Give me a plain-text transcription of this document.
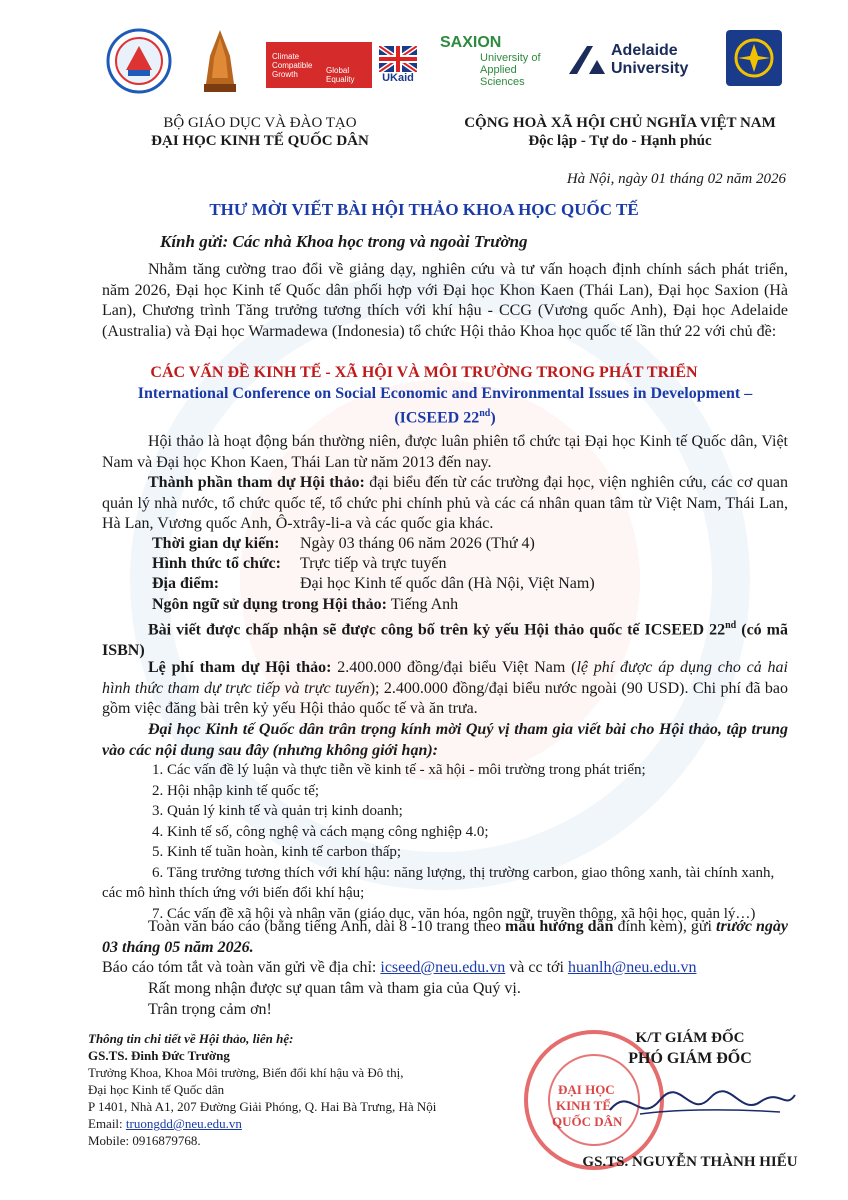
Climate
Compatible
Growth	Global Equality	UKaid
SAXION
University of Applied Sciences
Adelaide University
BỘ GIÁO DỤC VÀ ĐÀO TẠO
ĐẠI HỌC KINH TẾ QUỐC DÂN
CỘNG HOÀ XÃ HỘI CHỦ NGHĨA VIỆT NAM
Độc lập - Tự do - Hạnh phúc
Hà Nội, ngày 01 tháng 02 năm 2026
THƯ MỜI VIẾT BÀI HỘI THẢO KHOA HỌC QUỐC TẾ
Kính gửi: Các nhà Khoa học trong và ngoài Trường
Nhằm tăng cường trao đổi về giảng dạy, nghiên cứu và tư vấn hoạch định chính sách phát triển, năm 2026, Đại học Kinh tế Quốc dân phối hợp với Đại học Khon Kaen (Thái Lan), Đại học Saxion (Hà Lan), Chương trình Tăng trưởng tương thích với khí hậu - CCG (Vương quốc Anh), Đại học Adelaide (Australia) và Đại học Warmadewa (Indonesia) tổ chức Hội thảo Khoa học quốc tế lần thứ 22 với chủ đề:
CÁC VẤN ĐỀ KINH TẾ - XÃ HỘI VÀ MÔI TRƯỜNG TRONG PHÁT TRIỂN
International Conference on Social Economic and Environmental Issues in Development –
(ICSEED 22nd)
Hội thảo là hoạt động bán thường niên, được luân phiên tổ chức tại Đại học Kinh tế Quốc dân, Việt Nam và Đại học Khon Kaen, Thái Lan từ năm 2013 đến nay.
Thành phần tham dự Hội thảo: đại biểu đến từ các trường đại học, viện nghiên cứu, các cơ quan quản lý nhà nước, tổ chức quốc tế, tổ chức phi chính phủ và các cá nhân quan tâm từ Việt Nam, Thái Lan, Hà Lan, Vương quốc Anh, Ô-xtrây-li-a và các quốc gia khác.
Thời gian dự kiến: Ngày 03 tháng 06 năm 2026 (Thứ 4)
Hình thức tổ chức: Trực tiếp và trực tuyến
Địa điểm:	Đại học Kinh tế quốc dân (Hà Nội, Việt Nam)
Ngôn ngữ sử dụng trong Hội thảo: Tiếng Anh
Bài viết được chấp nhận sẽ được công bố trên kỷ yếu Hội thảo quốc tế ICSEED 22nd (có mã ISBN)
Lệ phí tham dự Hội thảo: 2.400.000 đồng/đại biểu Việt Nam (lệ phí được áp dụng cho cả hai hình thức tham dự trực tiếp và trực tuyến); 2.400.000 đồng/đại biểu nước ngoài (90 USD). Chi phí đã bao gồm việc đăng bài trên kỷ yếu Hội thảo quốc tế và ăn trưa.
Đại học Kinh tế Quốc dân trân trọng kính mời Quý vị tham gia viết bài cho Hội thảo, tập trung vào các nội dung sau đây (nhưng không giới hạn):
1. Các vấn đề lý luận và thực tiễn về kinh tế - xã hội - môi trường trong phát triển;
2. Hội nhập kinh tế quốc tế;
3. Quản lý kinh tế và quản trị kinh doanh;
4. Kinh tế số, công nghệ và cách mạng công nghiệp 4.0;
5. Kinh tế tuần hoàn, kinh tế carbon thấp;
6. Tăng trưởng tương thích với khí hậu: năng lượng, thị trường carbon, giao thông xanh, tài chính xanh, các mô hình thích ứng với biến đổi khí hậu;
7. Các vấn đề xã hội và nhân văn (giáo dục, văn hóa, ngôn ngữ, truyền thông, xã hội học, quản lý…)
Toàn văn báo cáo (bằng tiếng Anh, dài 8 -10 trang theo mẫu hướng dẫn đính kèm), gửi trước ngày 03 tháng 05 năm 2026.
Báo cáo tóm tắt và toàn văn gửi về địa chỉ: icseed@neu.edu.vn và cc tới huanlh@neu.edu.vn
Rất mong nhận được sự quan tâm và tham gia của Quý vị.
Trân trọng cảm ơn!
Thông tin chi tiết về Hội thảo, liên hệ:
GS.TS. Đinh Đức Trường
Trưởng Khoa, Khoa Môi trường, Biến đổi khí hậu và Đô thị,
Đại học Kinh tế Quốc dân
P 1401, Nhà A1, 207 Đường Giải Phóng, Q. Hai Bà Trưng, Hà Nội
Email: truongdd@neu.edu.vn
Mobile: 0916879768.
ĐẠI HỌC
KINH TẾ
QUỐC DÂN
K/T GIÁM ĐỐC
PHÓ GIÁM ĐỐC
GS.TS. NGUYỄN THÀNH HIẾU
